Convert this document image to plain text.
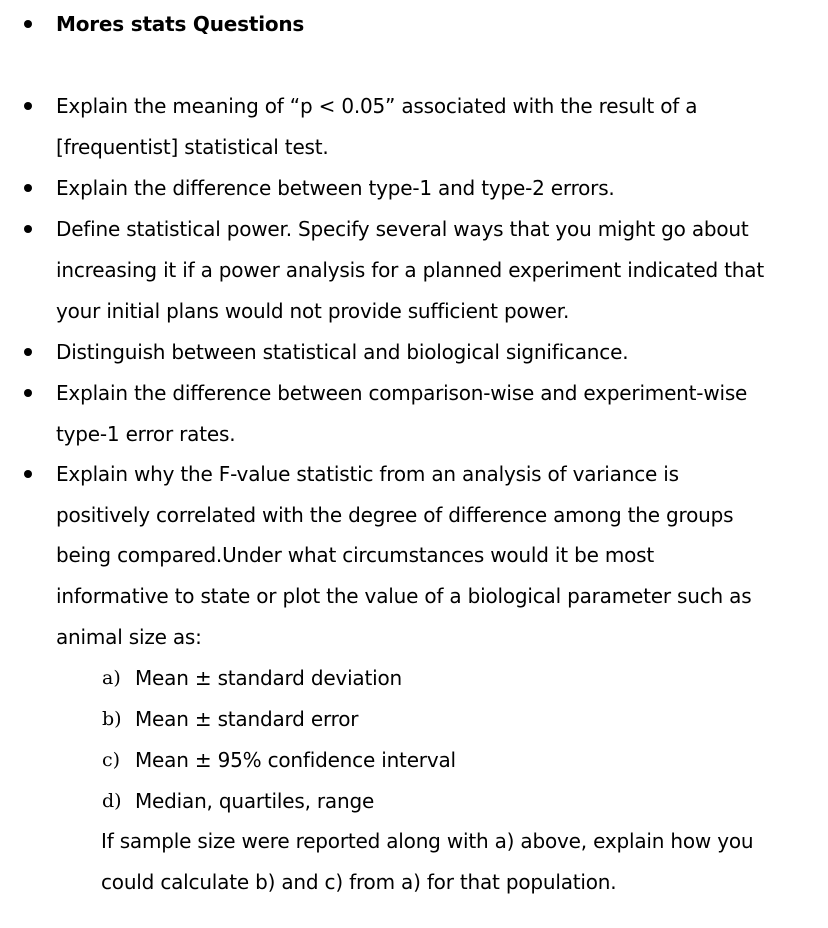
Mores stats Questions
Explain the meaning of “p < 0.05” associated with the result of a
[frequentist] statistical test.
Explain the difference between type-1 and type-2 errors.
Define statistical power. Specify several ways that you might go about
increasing it if a power analysis for a planned experiment indicated that
your initial plans would not provide sufficient power.
Distinguish between statistical and biological significance.
Explain the difference between comparison-wise and experiment-wise
type-1 error rates.
Explain why the F-value statistic from an analysis of variance is
positively correlated with the degree of difference among the groups
being compared.Under what circumstances would it be most
informative to state or plot the value of a biological parameter such as
animal size as:
a) Mean ± standard deviation
b) Mean ± standard error
c) Mean ± 95% confidence interval
d) Median, quartiles, range
If sample size were reported along with a) above, explain how you
could calculate b) and c) from a) for that population.
